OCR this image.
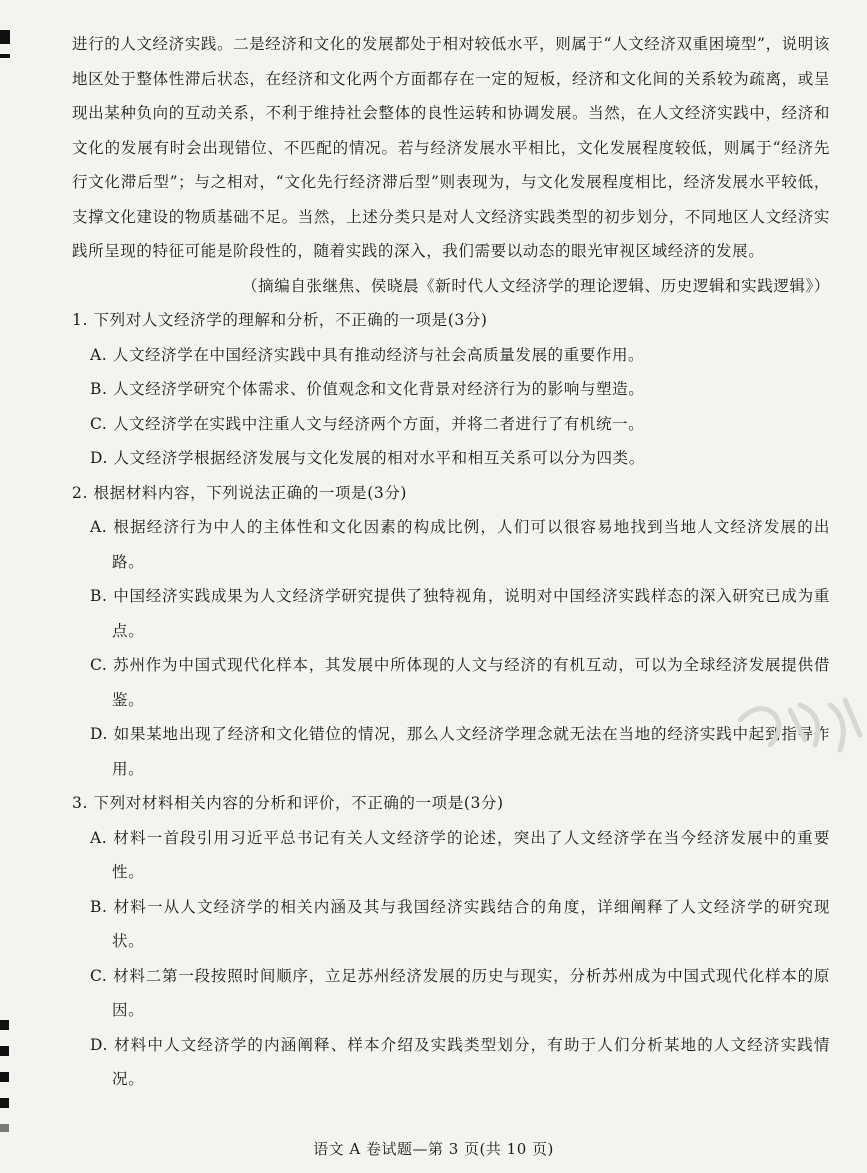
进行的人文经济实践。二是经济和文化的发展都处于相对较低水平，则属于“人文经济双重困境型”，说明该地区处于整体性滞后状态，在经济和文化两个方面都存在一定的短板，经济和文化间的关系较为疏离，或呈现出某种负向的互动关系，不利于维持社会整体的良性运转和协调发展。当然，在人文经济实践中，经济和文化的发展有时会出现错位、不匹配的情况。若与经济发展水平相比，文化发展程度较低，则属于“经济先行文化滞后型”；与之相对，“文化先行经济滞后型”则表现为，与文化发展程度相比，经济发展水平较低，支撑文化建设的物质基础不足。当然，上述分类只是对人文经济实践类型的初步划分，不同地区人文经济实践所呈现的特征可能是阶段性的，随着实践的深入，我们需要以动态的眼光审视区域经济的发展。

（摘编自张继焦、侯晓晨《新时代人文经济学的理论逻辑、历史逻辑和实践逻辑》）

1. 下列对人文经济学的理解和分析，不正确的一项是(3分)

A. 人文经济学在中国经济实践中具有推动经济与社会高质量发展的重要作用。

B. 人文经济学研究个体需求、价值观念和文化背景对经济行为的影响与塑造。

C. 人文经济学在实践中注重人文与经济两个方面，并将二者进行了有机统一。

D. 人文经济学根据经济发展与文化发展的相对水平和相互关系可以分为四类。

2. 根据材料内容，下列说法正确的一项是(3分)

A. 根据经济行为中人的主体性和文化因素的构成比例，人们可以很容易地找到当地人文经济发展的出路。

B. 中国经济实践成果为人文经济学研究提供了独特视角，说明对中国经济实践样态的深入研究已成为重点。

C. 苏州作为中国式现代化样本，其发展中所体现的人文与经济的有机互动，可以为全球经济发展提供借鉴。

D. 如果某地出现了经济和文化错位的情况，那么人文经济学理念就无法在当地的经济实践中起到指导作用。

3. 下列对材料相关内容的分析和评价，不正确的一项是(3分)

A. 材料一首段引用习近平总书记有关人文经济学的论述，突出了人文经济学在当今经济发展中的重要性。

B. 材料一从人文经济学的相关内涵及其与我国经济实践结合的角度，详细阐释了人文经济学的研究现状。

C. 材料二第一段按照时间顺序，立足苏州经济发展的历史与现实，分析苏州成为中国式现代化样本的原因。

D. 材料中人文经济学的内涵阐释、样本介绍及实践类型划分，有助于人们分析某地的人文经济实践情况。

语文 A 卷试题—第 3 页(共 10 页)
